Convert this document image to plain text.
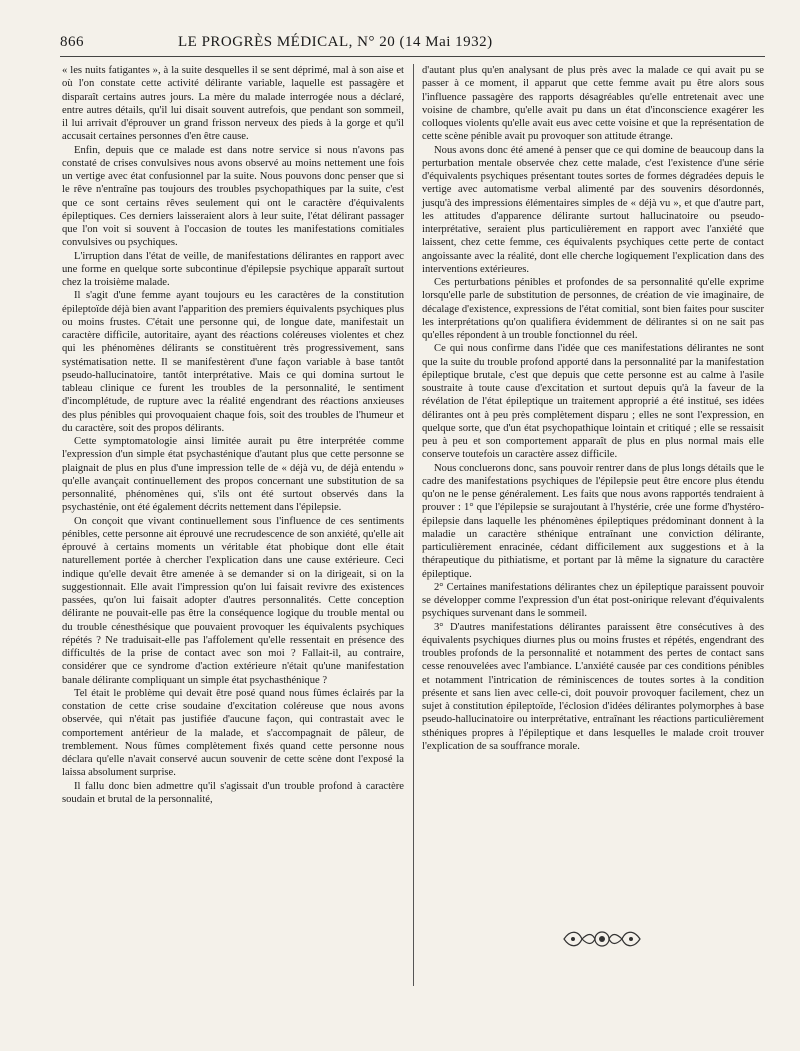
866	LE PROGRÈS MÉDICAL, N° 20 (14 Mai 1932)

« les nuits fatigantes », à la suite desquelles il se sent déprimé, mal à son aise et où l'on constate cette activité délirante variable, laquelle est passagère et disparaît certains autres jours. La mère du malade interrogée nous a déclaré, entre autres détails, qu'il lui disait souvent autrefois, que pendant son sommeil, il lui arrivait d'éprouver un grand frisson nerveux des pieds à la gorge et qu'il accusait certaines personnes d'en être cause.

Enfin, depuis que ce malade est dans notre service si nous n'avons pas constaté de crises convulsives nous avons observé au moins nettement une fois un vertige avec état confusionnel par la suite. Nous pouvons donc penser que si le rêve n'entraîne pas toujours des troubles psychopathiques par la suite, c'est que ce sont certains rêves seulement qui ont le caractère d'équivalents épileptiques. Ces derniers laisseraient alors à leur suite, l'état délirant passager que l'on voit si souvent à l'occasion de toutes les manifestations comitiales convulsives ou psychiques.

L'irruption dans l'état de veille, de manifestations délirantes en rapport avec une forme en quelque sorte subcontinue d'épilepsie psychique apparaît surtout chez la troisième malade.

Il s'agit d'une femme ayant toujours eu les caractères de la constitution épileptoïde déjà bien avant l'apparition des premiers équivalents psychiques plus ou moins frustes. C'était une personne qui, de longue date, manifestait un caractère difficile, autoritaire, ayant des réactions coléreuses violentes et chez qui les phénomènes délirants se constituèrent très progressivement, sans systématisation nette. Il se manifestèrent d'une façon variable à base tantôt pseudo-hallucinatoire, tantôt interprétative. Mais ce qui domina surtout le tableau clinique ce furent les troubles de la personnalité, le sentiment d'incomplétude, de rupture avec la réalité engendrant des réactions anxieuses des plus pénibles qui provoquaient chaque fois, soit des troubles de l'humeur et du caractère, soit des propos délirants.

Cette symptomatologie ainsi limitée aurait pu être interprétée comme l'expression d'un simple état psychasténique d'autant plus que cette personne se plaignait de plus en plus d'une impression telle de « déjà vu, de déjà entendu » qu'elle avançait continuellement des propos concernant une substitution de sa personnalité, phénomènes qui, s'ils ont été surtout observés dans la psychasténie, ont été également décrits nettement dans l'épilepsie.

On conçoit que vivant continuellement sous l'influence de ces sentiments pénibles, cette personne ait éprouvé une recrudescence de son anxiété, qu'elle ait éprouvé à certains moments un véritable état phobique dont elle était naturellement portée à chercher l'explication dans une cause extérieure. Ceci indique qu'elle devait être amenée à se demander si on la dirigeait, si on la suggestionnait. Elle avait l'impression qu'on lui faisait revivre des existences passées, qu'on lui faisait adopter d'autres personnalités. Cette conception délirante ne pouvait-elle pas être la conséquence logique du trouble mental ou du trouble cénesthésique que pouvaient provoquer les équivalents psychiques répétés ? Ne traduisait-elle pas l'affolement qu'elle ressentait en présence des difficultés de la prise de contact avec son moi ? Fallait-il, au contraire, considérer que ce syndrome d'action extérieure n'était qu'une manifestation banale délirante compliquant un simple état psychasthénique ?

Tel était le problème qui devait être posé quand nous fûmes éclairés par la constation de cette crise soudaine d'excitation coléreuse que nous avons observée, qui n'était pas justifiée d'aucune façon, qui contrastait avec le comportement antérieur de la malade, et s'accompagnait de pâleur, de tremblement. Nous fûmes complètement fixés quand cette personne nous déclara qu'elle n'avait conservé aucun souvenir de cette scène dont l'exposé la laissa absolument surprise.

Il fallu donc bien admettre qu'il s'agissait d'un trouble profond à caractère soudain et brutal de la personnalité,

d'autant plus qu'en analysant de plus près avec la malade ce qui avait pu se passer à ce moment, il apparut que cette femme avait pu être alors sous l'influence passagère des rapports désagréables qu'elle entretenait avec une voisine de chambre, qu'elle avait pu dans un état d'inconscience exagérer les colloques violents qu'elle avait eus avec cette voisine et que la représentation de cette scène pénible avait pu provoquer son attitude étrange.

Nous avons donc été amené à penser que ce qui domine de beaucoup dans la perturbation mentale observée chez cette malade, c'est l'existence d'une série d'équivalents psychiques présentant toutes sortes de formes dégradées depuis le vertige avec automatisme verbal alimenté par des souvenirs désordonnés, jusqu'à des impressions élémentaires simples de « déjà vu », et que d'autre part, les attitudes d'apparence délirante surtout hallucinatoire ou pseudo-interprétative, seraient plus particulièrement en rapport avec l'anxiété que laissent, chez cette femme, ces équivalents psychiques cette perte de contact angoissante avec la réalité, dont elle cherche logiquement l'explication dans des interventions extérieures.

Ces perturbations pénibles et profondes de sa personnalité qu'elle exprime lorsqu'elle parle de substitution de personnes, de création de vie imaginaire, de décalage d'existence, expressions de l'état comitial, sont bien faites pour susciter les interprétations qu'on qualifiera évidemment de délirantes si on ne sait pas qu'elles répondent à un trouble fonctionnel du réel.

Ce qui nous confirme dans l'idée que ces manifestations délirantes ne sont que la suite du trouble profond apporté dans la personnalité par la manifestation épileptique brutale, c'est que depuis que cette personne est au calme à l'asile soustraite à toute cause d'excitation et surtout depuis qu'à la faveur de la révélation de l'état épileptique un traitement approprié a été institué, ses idées délirantes ont à peu près complètement disparu ; elles ne sont l'expression, en quelque sorte, que d'un état psychopathique lointain et critiqué ; elle se ressaisit peu à peu et son comportement apparaît de plus en plus normal mais elle conserve toutefois un caractère assez difficile.

Nous concluerons donc, sans pouvoir rentrer dans de plus longs détails que le cadre des manifestations psychiques de l'épilepsie peut être encore plus étendu qu'on ne le pense généralement. Les faits que nous avons rapportés tendraient à prouver : 1° que l'épilepsie se surajoutant à l'hystérie, crée une forme d'hystéro-épilepsie dans laquelle les phénomènes épileptiques prédominant donnent à la maladie un caractère sthénique entraînant une conviction délirante, particulièrement enracinée, cédant difficilement aux suggestions et à la thérapeutique du pithiatisme, et portant par là même la signature du caractère épileptique.

2° Certaines manifestations délirantes chez un épileptique paraissent pouvoir se développer comme l'expression d'un état post-onirique relevant d'équivalents psychiques survenant dans le sommeil.

3° D'autres manifestations délirantes paraissent être consécutives à des équivalents psychiques diurnes plus ou moins frustes et répétés, engendrant des troubles profonds de la personnalité et notamment des pertes de contact sans cesse renouvelées avec l'ambiance. L'anxiété causée par ces conditions pénibles et notamment l'intrication de réminiscences de toutes sortes à la condition présente et sans lien avec celle-ci, doit pouvoir provoquer facilement, chez un sujet à constitution épileptoïde, l'éclosion d'idées délirantes polymorphes à base pseudo-hallucinatoire ou interprétative, entraînant les réactions particulièrement sthéniques propres à l'épileptique et dans lesquelles le malade croit trouver l'explication de sa souffrance morale.
